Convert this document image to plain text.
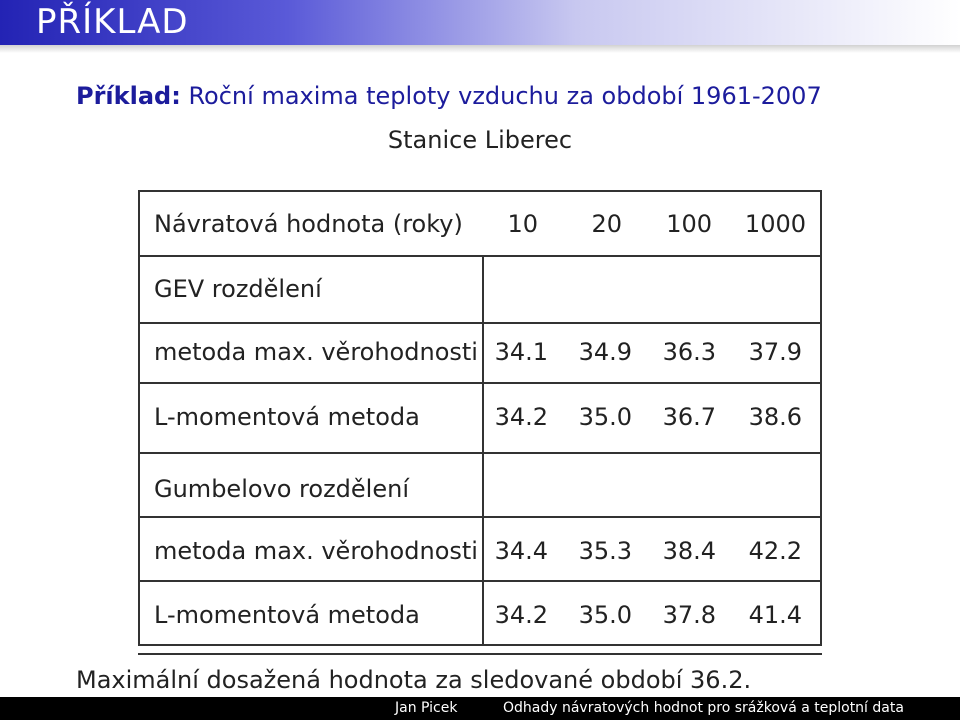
PŘÍKLAD
Příklad: Roční maxima teploty vzduchu za období 1961-2007
Stanice Liberec
Návratová hodnota (roky)	10	20	100	1000
GEV rozdělení
metoda max. věrohodnosti 34.1	34.9	36.3	37.9
L-momentová metoda	34.2	35.0	36.7	38.6
Gumbelovo rozdělení
metoda max. věrohodnosti 34.4	35.3	38.4	42.2
L-momentová metoda	34.2	35.0	37.8	41.4
Maximální dosažená hodnota za sledované období 36.2.
Jan Picek	Odhady návratových hodnot pro srážková a teplotní data
